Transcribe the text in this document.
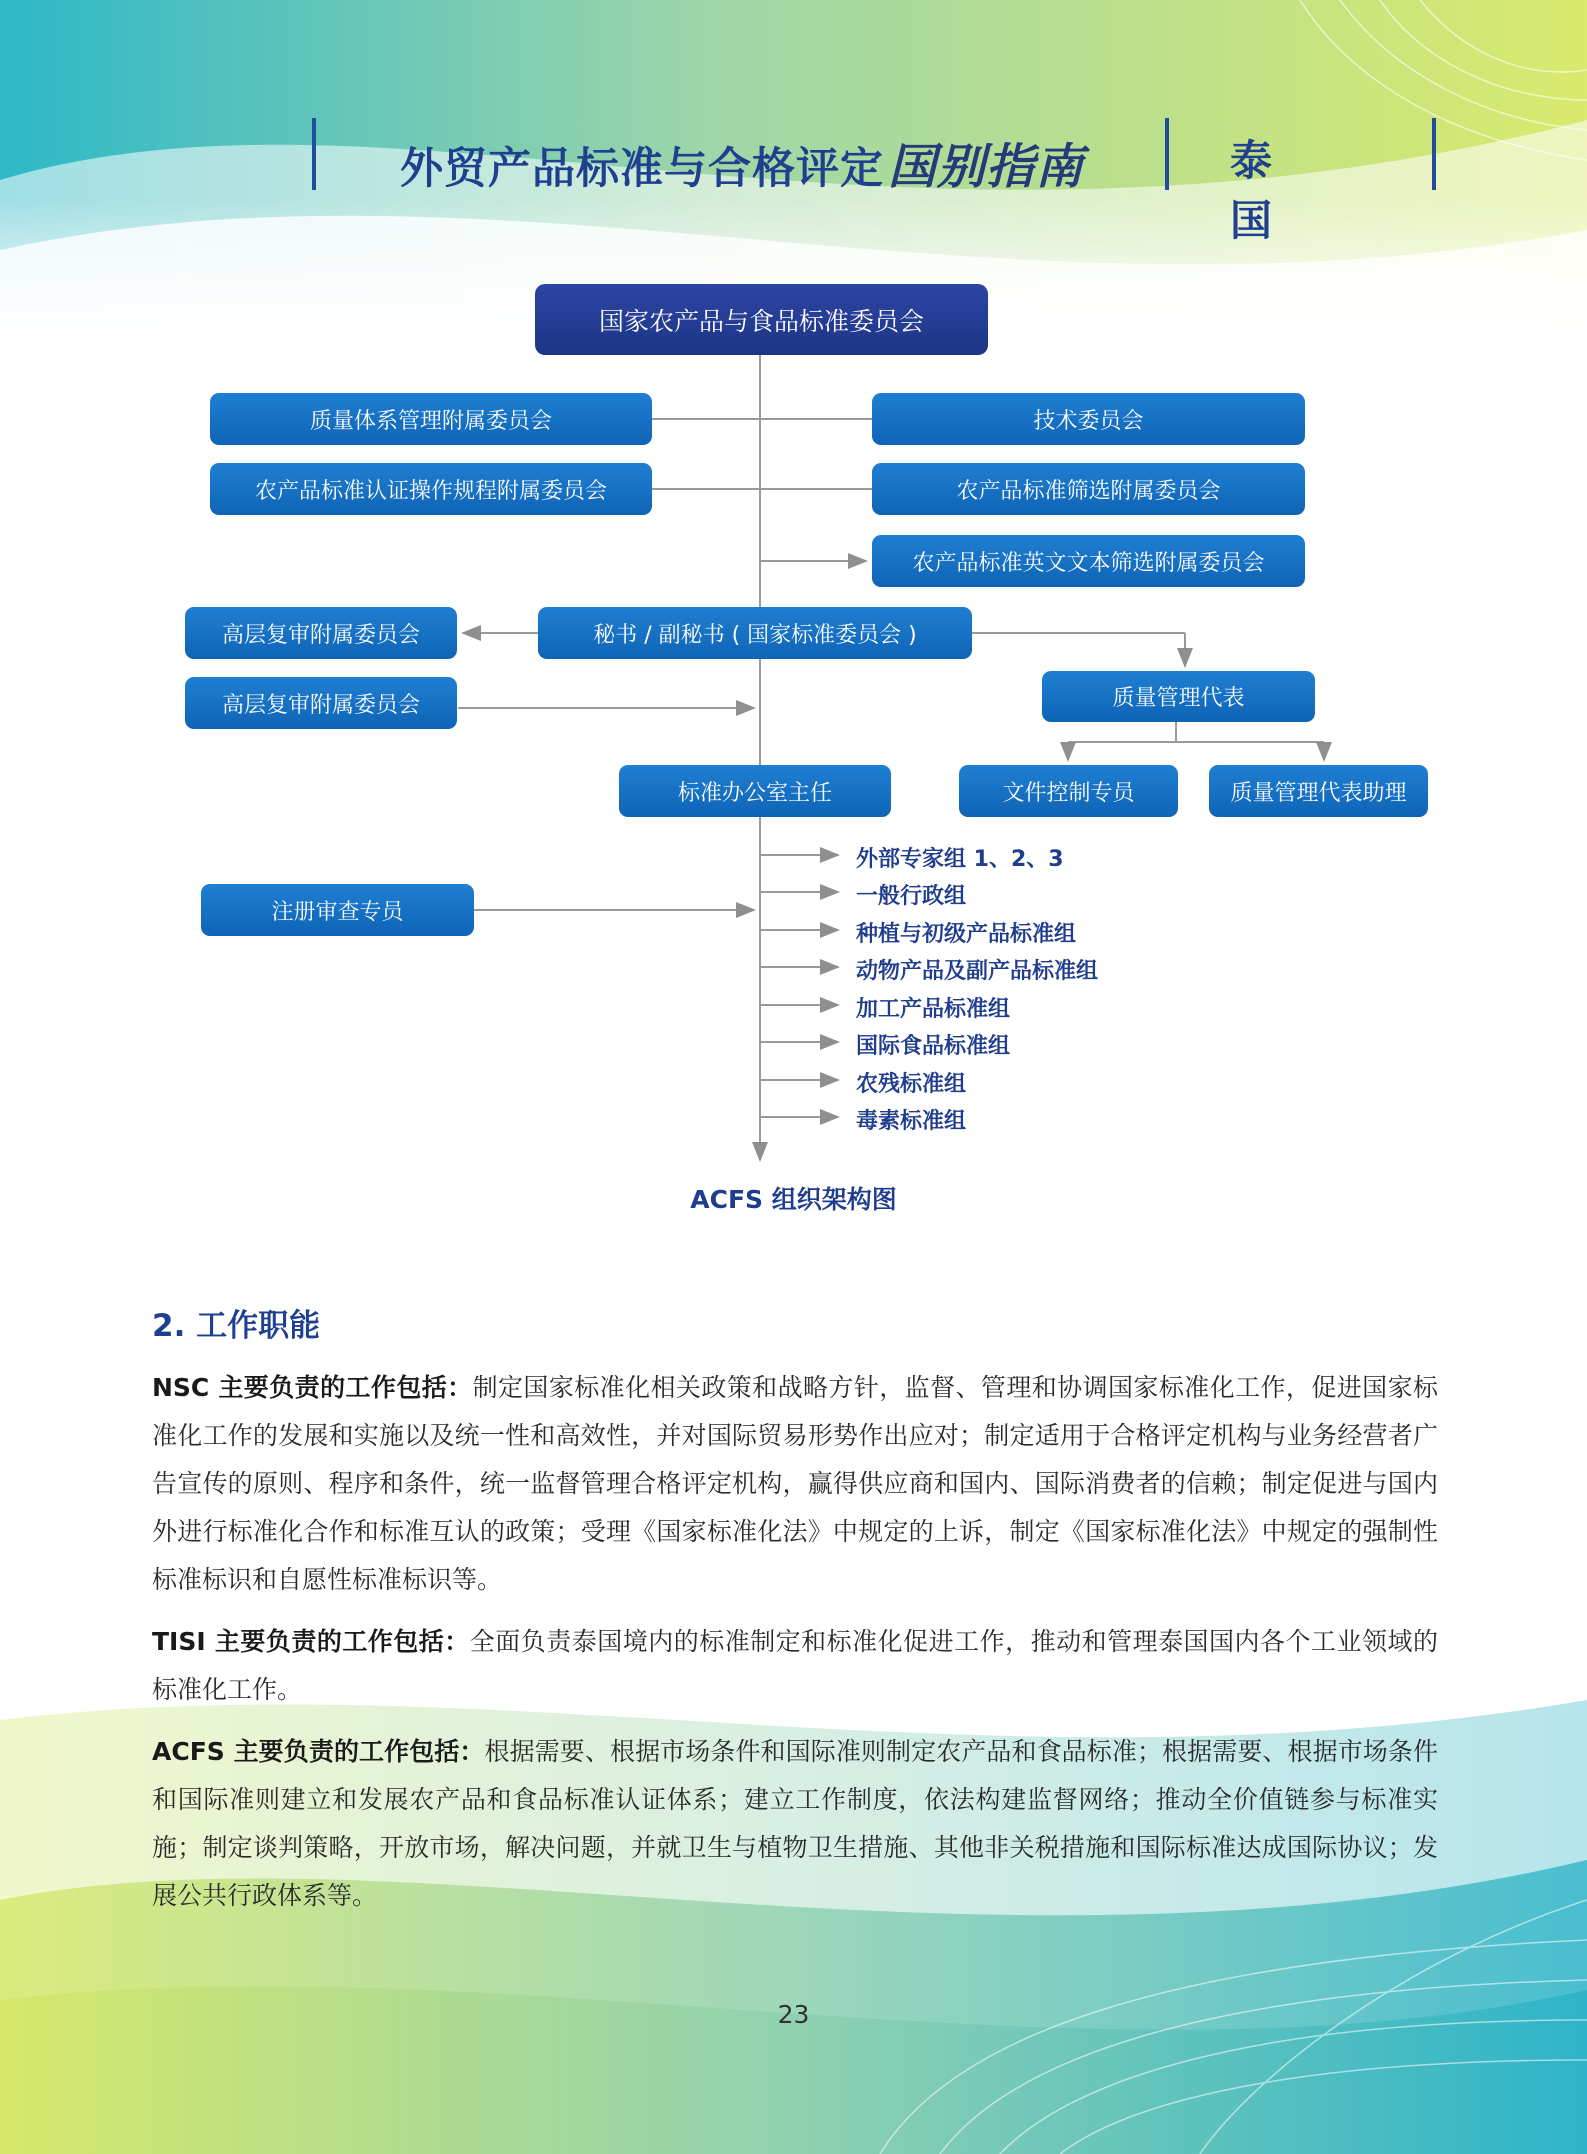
外贸产品标准与合格评定国别指南	泰 国
国家农产品与食品标准委员会
质量体系管理附属委员会
农产品标准认证操作规程附属委员会
技术委员会
农产品标准筛选附属委员会
农产品标准英文文本筛选附属委员会
高层复审附属委员会	秘书 / 副秘书 ( 国家标准委员会 )
高层复审附属委员会	质量管理代表
标准办公室主任	文件控制专员	质量管理代表助理
注册审查专员
外部专家组 1、2、3
一般行政组
种植与初级产品标准组
动物产品及副产品标准组
加工产品标准组
国际食品标准组
农残标准组
毒素标准组
ACFS 组织架构图
2. 工作职能
NSC 主要负责的工作包括：制定国家标准化相关政策和战略方针，监督、管理和协调国家标准化工作，促进国家标准化工作的发展和实施以及统一性和高效性，并对国际贸易形势作出应对；制定适用于合格评定机构与业务经营者广告宣传的原则、程序和条件，统一监督管理合格评定机构，赢得供应商和国内、国际消费者的信赖；制定促进与国内外进行标准化合作和标准互认的政策；受理《国家标准化法》中规定的上诉，制定《国家标准化法》中规定的强制性标准标识和自愿性标准标识等。
TISI 主要负责的工作包括：全面负责泰国境内的标准制定和标准化促进工作，推动和管理泰国国内各个工业领域的标准化工作。
ACFS 主要负责的工作包括：根据需要、根据市场条件和国际准则制定农产品和食品标准；根据需要、根据市场条件和国际准则建立和发展农产品和食品标准认证体系；建立工作制度，依法构建监督网络；推动全价值链参与标准实施；制定谈判策略，开放市场，解决问题，并就卫生与植物卫生措施、其他非关税措施和国际标准达成国际协议；发展公共行政体系等。
23
